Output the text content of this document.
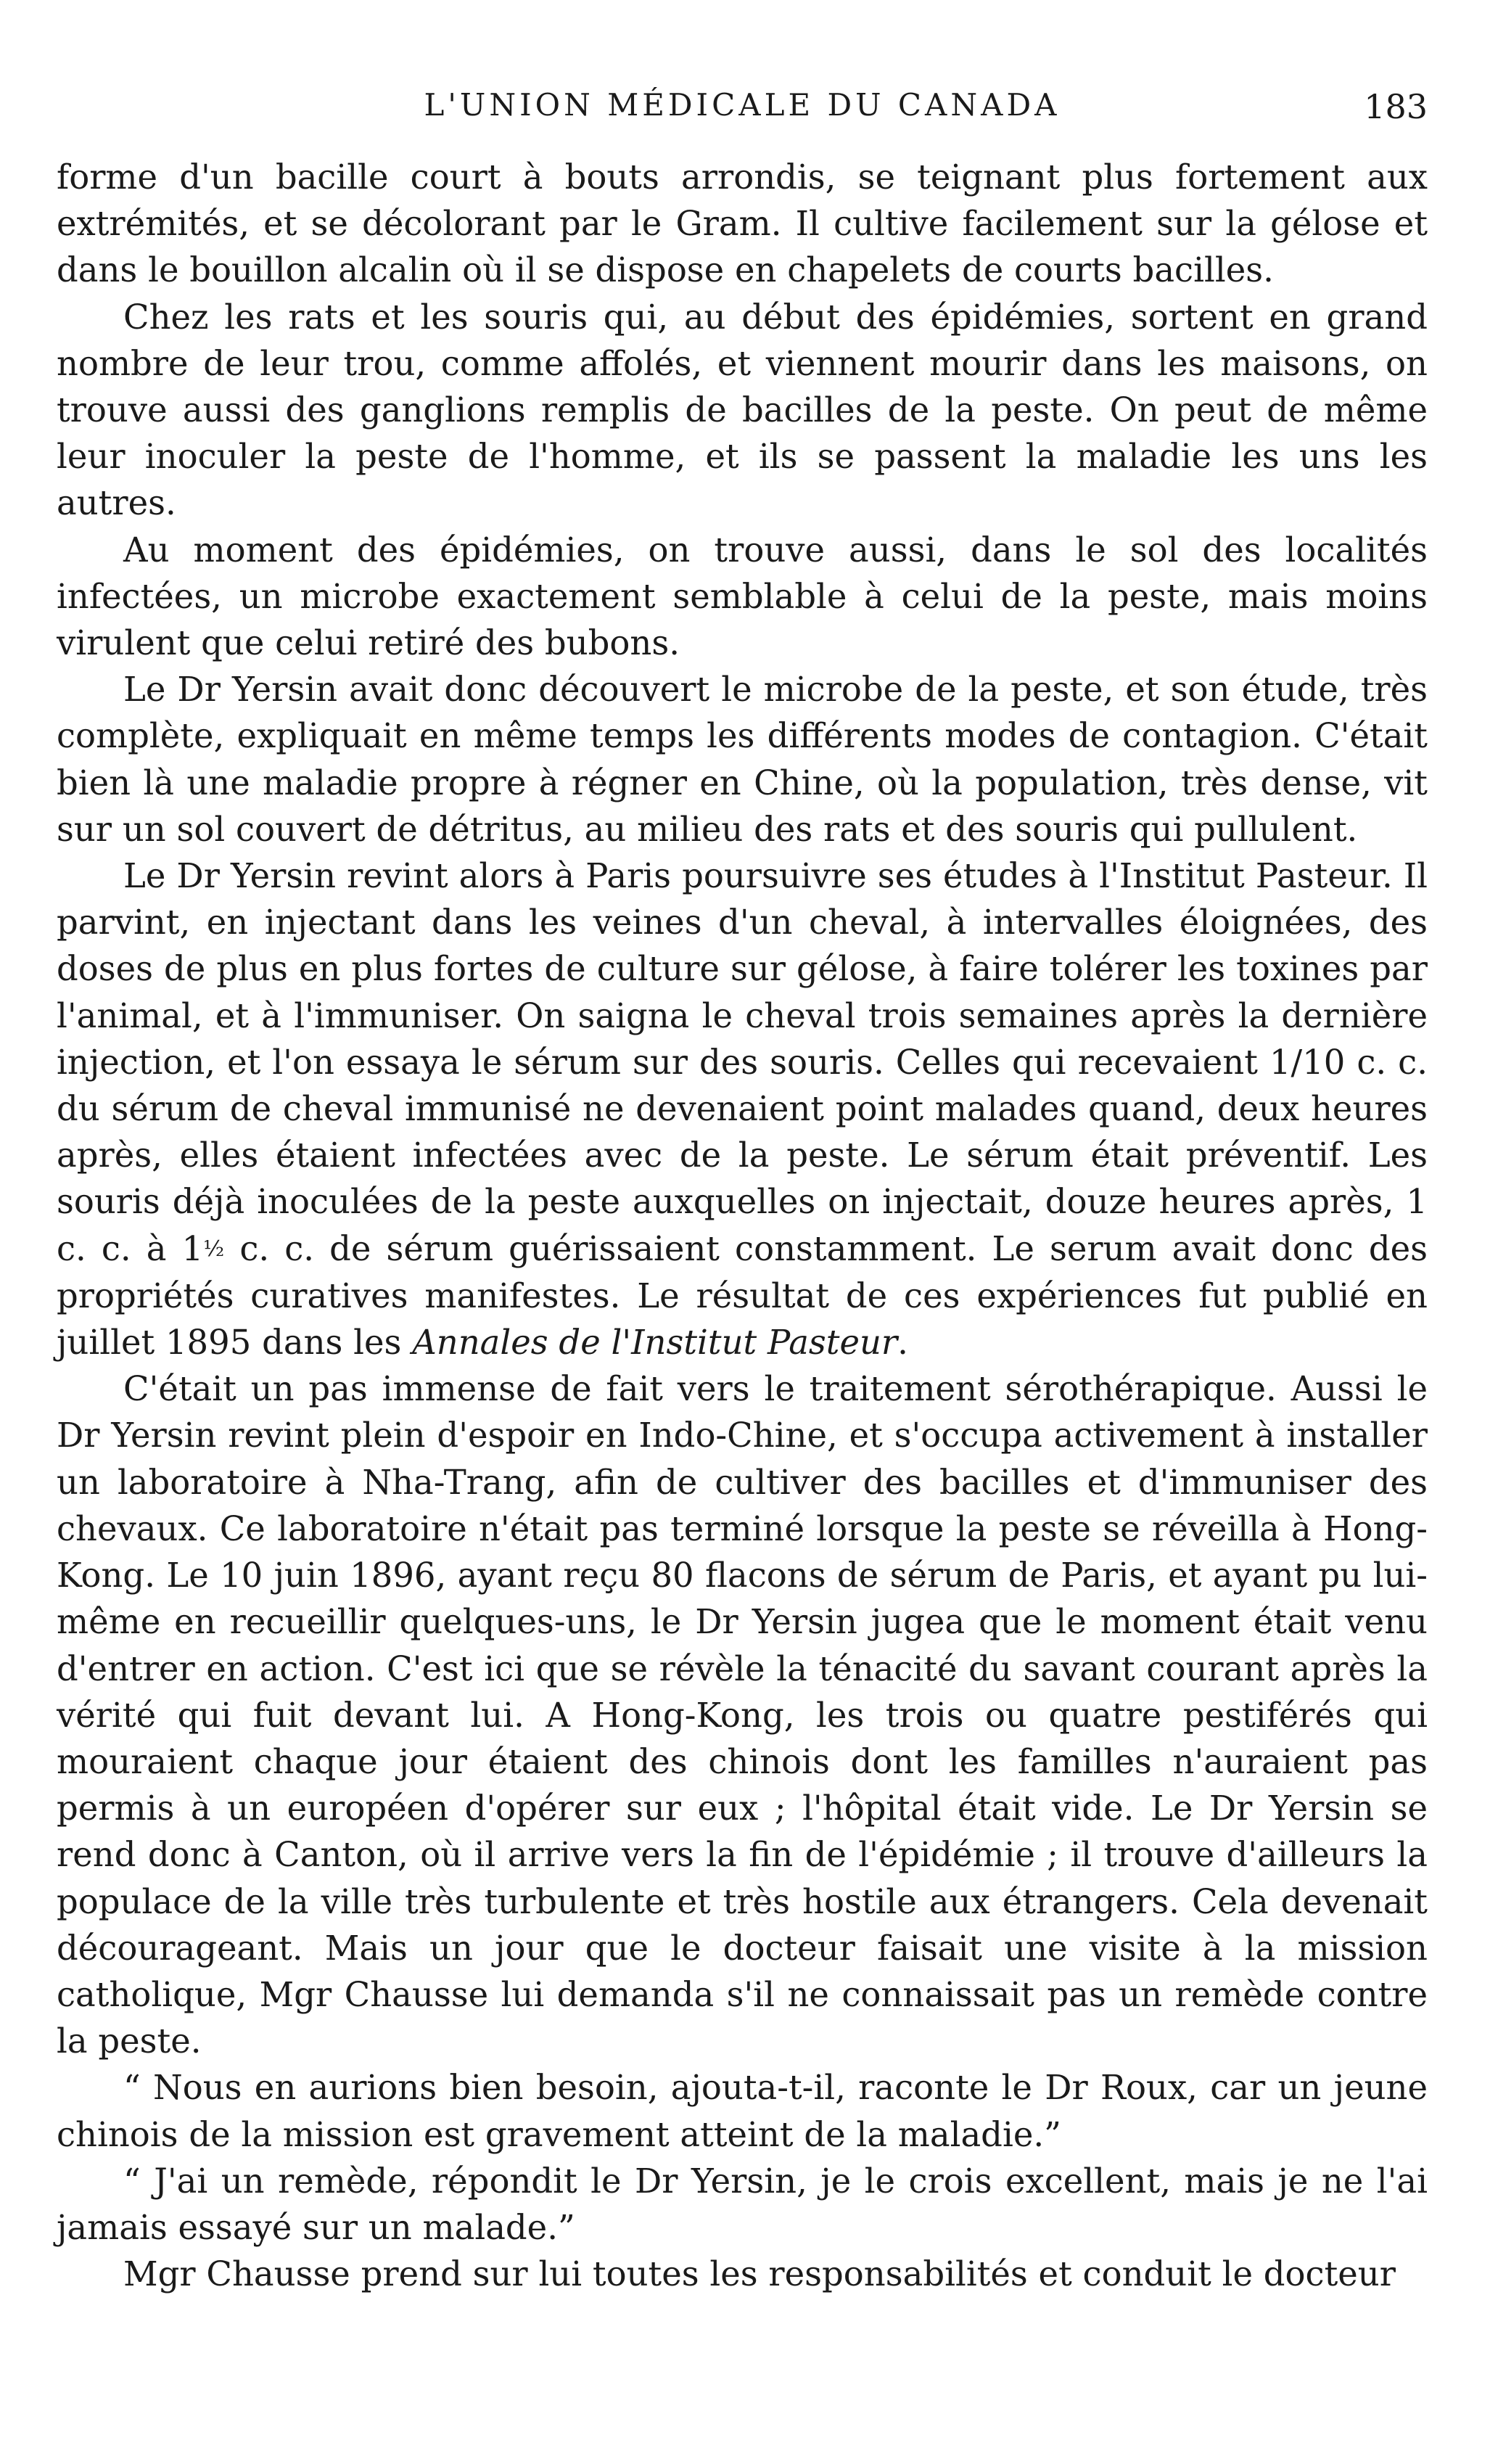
L'UNION MÉDICALE DU CANADA	183

forme d'un bacille court à bouts arrondis, se teignant plus fortement aux extrémités, et se décolorant par le Gram. Il cultive facilement sur la gélose et dans le bouillon alcalin où il se dispose en chapelets de courts bacilles.

Chez les rats et les souris qui, au début des épidémies, sortent en grand nombre de leur trou, comme affolés, et viennent mourir dans les maisons, on trouve aussi des ganglions remplis de bacilles de la peste. On peut de même leur inoculer la peste de l'homme, et ils se passent la maladie les uns les autres.

Au moment des épidémies, on trouve aussi, dans le sol des localités infectées, un microbe exactement semblable à celui de la peste, mais moins virulent que celui retiré des bubons.

Le Dr Yersin avait donc découvert le microbe de la peste, et son étude, très complète, expliquait en même temps les différents modes de contagion. C'était bien là une maladie propre à régner en Chine, où la population, très dense, vit sur un sol couvert de détritus, au milieu des rats et des souris qui pullulent.

Le Dr Yersin revint alors à Paris poursuivre ses études à l'Institut Pasteur. Il parvint, en injectant dans les veines d'un cheval, à intervalles éloignées, des doses de plus en plus fortes de culture sur gélose, à faire tolérer les toxines par l'animal, et à l'immuniser. On saigna le cheval trois semaines après la dernière injection, et l'on essaya le sérum sur des souris. Celles qui recevaient 1/10 c. c. du sérum de cheval immunisé ne devenaient point malades quand, deux heures après, elles étaient infectées avec de la peste. Le sérum était préventif. Les souris déjà inoculées de la peste auxquelles on injectait, douze heures après, 1 c. c. à 1½ c. c. de sérum guérissaient constamment. Le serum avait donc des propriétés curatives manifestes. Le résultat de ces expériences fut publié en juillet 1895 dans les Annales de l'Institut Pasteur.

C'était un pas immense de fait vers le traitement sérothérapique. Aussi le Dr Yersin revint plein d'espoir en Indo-Chine, et s'occupa activement à installer un laboratoire à Nha-Trang, afin de cultiver des bacilles et d'immuniser des chevaux. Ce laboratoire n'était pas terminé lorsque la peste se réveilla à Hong-Kong. Le 10 juin 1896, ayant reçu 80 flacons de sérum de Paris, et ayant pu lui-même en recueillir quelques-uns, le Dr Yersin jugea que le moment était venu d'entrer en action. C'est ici que se révèle la ténacité du savant courant après la vérité qui fuit devant lui. A Hong-Kong, les trois ou quatre pestiférés qui mouraient chaque jour étaient des chinois dont les familles n'auraient pas permis à un européen d'opérer sur eux ; l'hôpital était vide. Le Dr Yersin se rend donc à Canton, où il arrive vers la fin de l'épidémie ; il trouve d'ailleurs la populace de la ville très turbulente et très hostile aux étrangers. Cela devenait décourageant. Mais un jour que le docteur faisait une visite à la mission catholique, Mgr Chausse lui demanda s'il ne connaissait pas un remède contre la peste.

“ Nous en aurions bien besoin, ajouta-t-il, raconte le Dr Roux, car un jeune chinois de la mission est gravement atteint de la maladie.”

“ J'ai un remède, répondit le Dr Yersin, je le crois excellent, mais je ne l'ai jamais essayé sur un malade.”

Mgr Chausse prend sur lui toutes les responsabilités et conduit le docteur
